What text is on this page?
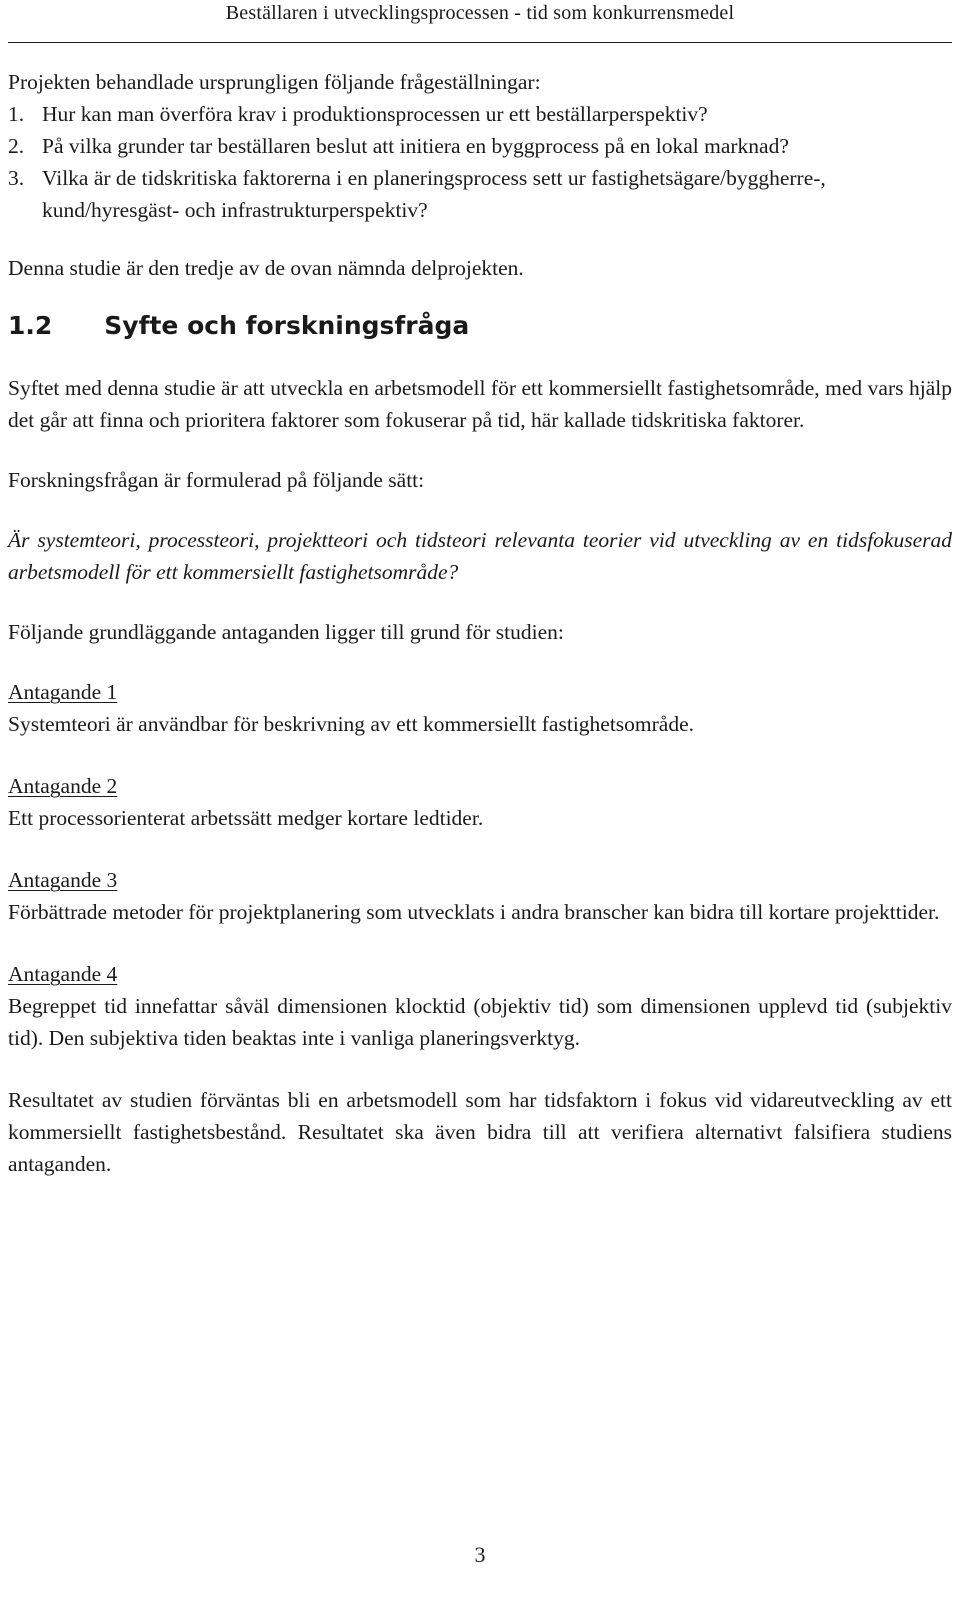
Beställaren i utvecklingsprocessen - tid som konkurrensmedel

Projekten behandlade ursprungligen följande frågeställningar:

1. Hur kan man överföra krav i produktionsprocessen ur ett beställarperspektiv?
2. På vilka grunder tar beställaren beslut att initiera en byggprocess på en lokal marknad?
3. Vilka är de tidskritiska faktorerna i en planeringsprocess sett ur fastighetsägare/byggherre-, kund/hyresgäst- och infrastrukturperspektiv?

Denna studie är den tredje av de ovan nämnda delprojekten.

1.2 Syfte och forskningsfråga

Syftet med denna studie är att utveckla en arbetsmodell för ett kommersiellt fastighetsområde, med vars hjälp det går att finna och prioritera faktorer som fokuserar på tid, här kallade tidskritiska faktorer.

Forskningsfrågan är formulerad på följande sätt:

Är systemteori, processteori, projektteori och tidsteori relevanta teorier vid utveckling av en tidsfokuserad arbetsmodell för ett kommersiellt fastighetsområde?

Följande grundläggande antaganden ligger till grund för studien:

Antagande 1

Systemteori är användbar för beskrivning av ett kommersiellt fastighetsområde.

Antagande 2

Ett processorienterat arbetssätt medger kortare ledtider.

Antagande 3

Förbättrade metoder för projektplanering som utvecklats i andra branscher kan bidra till kortare projekttider.

Antagande 4

Begreppet tid innefattar såväl dimensionen klocktid (objektiv tid) som dimensionen upplevd tid (subjektiv tid). Den subjektiva tiden beaktas inte i vanliga planeringsverktyg.

Resultatet av studien förväntas bli en arbetsmodell som har tidsfaktorn i fokus vid vidareutveckling av ett kommersiellt fastighetsbestånd. Resultatet ska även bidra till att verifiera alternativt falsifiera studiens antaganden.

3
